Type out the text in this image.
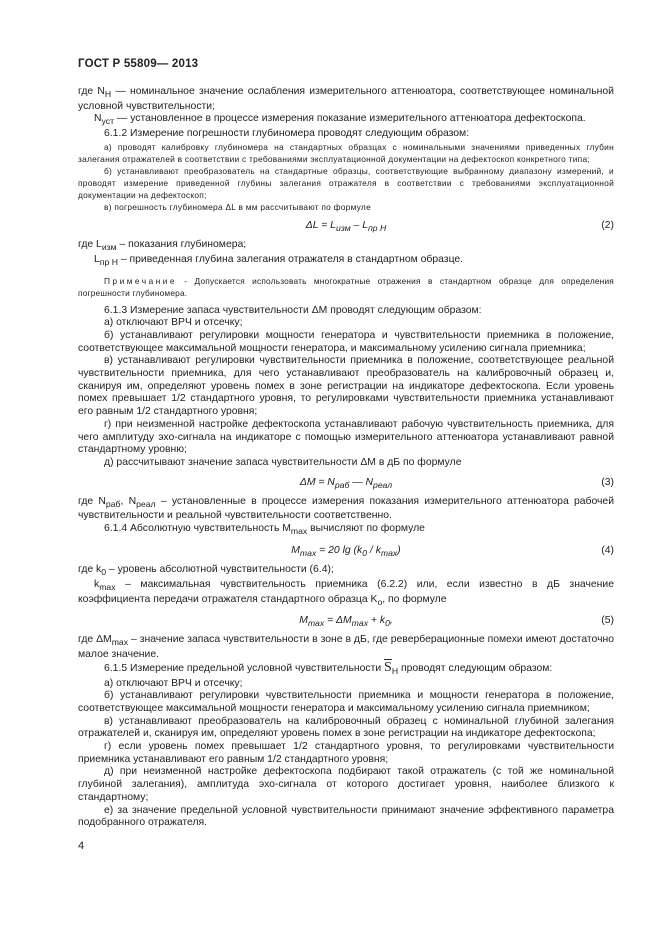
ГОСТ Р 55809— 2013

где $N_Н$ — номинальное значение ослабления измерительного аттенюатора, соответствующее номинальной условной чувствительности;

$N_{уст}$ — установленное в процессе измерения показание измерительного аттенюатора дефектоскопа.

6.1.2 Измерение погрешности глубиномера проводят следующим образом:

а) проводят калибровку глубиномера на стандартных образцах с номинальными значениями приведенных глубин залегания отражателей в соответствии с требованиями эксплуатационной документации на дефектоскоп конкретного типа;

б) устанавливают преобразователь на стандартные образцы, соответствующие выбранному диапазону измерений, и проводят измерение приведенной глубины залегания отражателя в соответствии с требованиями эксплуатационной документации на дефектоскоп;

в) погрешность глубиномера ΔL в мм рассчитывают по формуле

$\Delta L = L_{изм} - L_{пр Н}$	(2)

где $L_{изм}$ – показания глубиномера;

$L_{пр Н}$ – приведенная глубина залегания отражателя в стандартном образце.

Примечание - Допускается использовать многократные отражения в стандартном образце для определения погрешности глубиномера.

6.1.3 Измерение запаса чувствительности ΔM проводят следующим образом:

а) отключают ВРЧ и отсечку;

б) устанавливают регулировки мощности генератора и чувствительности приемника в положение, соответствующее максимальной мощности генератора, и максимальному усилению сигнала приемника;

в) устанавливают регулировки чувствительности приемника в положение, соответствующее реальной чувствительности приемника, для чего устанавливают преобразователь на калибровочный образец и, сканируя им, определяют уровень помех в зоне регистрации на индикаторе дефектоскопа. Если уровень помех превышает 1/2 стандартного уровня, то регулировками чувствительности приемника устанавливают его равным 1/2 стандартного уровня;

г) при неизменной настройке дефектоскопа устанавливают рабочую чувствительность приемника, для чего амплитуду эхо-сигнала на индикаторе с помощью измерительного аттенюатора устанавливают равной стандартному уровню;

д) рассчитывают значение запаса чувствительности ΔM в дБ по формуле

$\Delta M = N_{раб}$ — $N_{реал}$	(3)

где $N_{раб}$, $N_{реал}$ – установленные в процессе измерения показания измерительного аттенюатора рабочей чувствительности и реальной чувствительности соответственно.

6.1.4 Абсолютную чувствительность $M_{max}$ вычисляют по формуле

$M_{max} = 20$ $\lg (k_0 / k_{max})$	(4)

где $k_0$ – уровень абсолютной чувствительности (6.4);

$k_{max}$ – максимальная чувствительность приемника (6.2.2) или, если известно в дБ значение коэффициента передачи отражателя стандартного образца $K_о$, по формуле

$M_{max} = \Delta M_{max} + k_0$,	(5)

где $\Delta M_{max}$ – значение запаса чувствительности в зоне в дБ, где реверберационные помехи имеют достаточно малое значение.

6.1.5 Измерение предельной условной чувствительности $\overline{S}_Н$ проводят следующим образом:

а) отключают ВРЧ и отсечку;

б) устанавливают регулировки чувствительности приемника и мощности генератора в положение, соответствующее максимальной мощности генератора и максимальному усилению сигнала приемником;

в) устанавливают преобразователь на калибровочный образец с номинальной глубиной залегания отражателей и, сканируя им, определяют уровень помех в зоне регистрации на индикаторе дефектоскопа;

г) если уровень помех превышает 1/2 стандартного уровня, то регулировками чувствительности приемника устанавливают его равным 1/2 стандартного уровня;

д) при неизменной настройке дефектоскопа подбирают такой отражатель (с той же номинальной глубиной залегания), амплитуда эхо-сигнала от которого достигает уровня, наиболее близкого к стандартному;

е) за значение предельной условной чувствительности принимают значение эффективного параметра подобранного отражателя.

4
